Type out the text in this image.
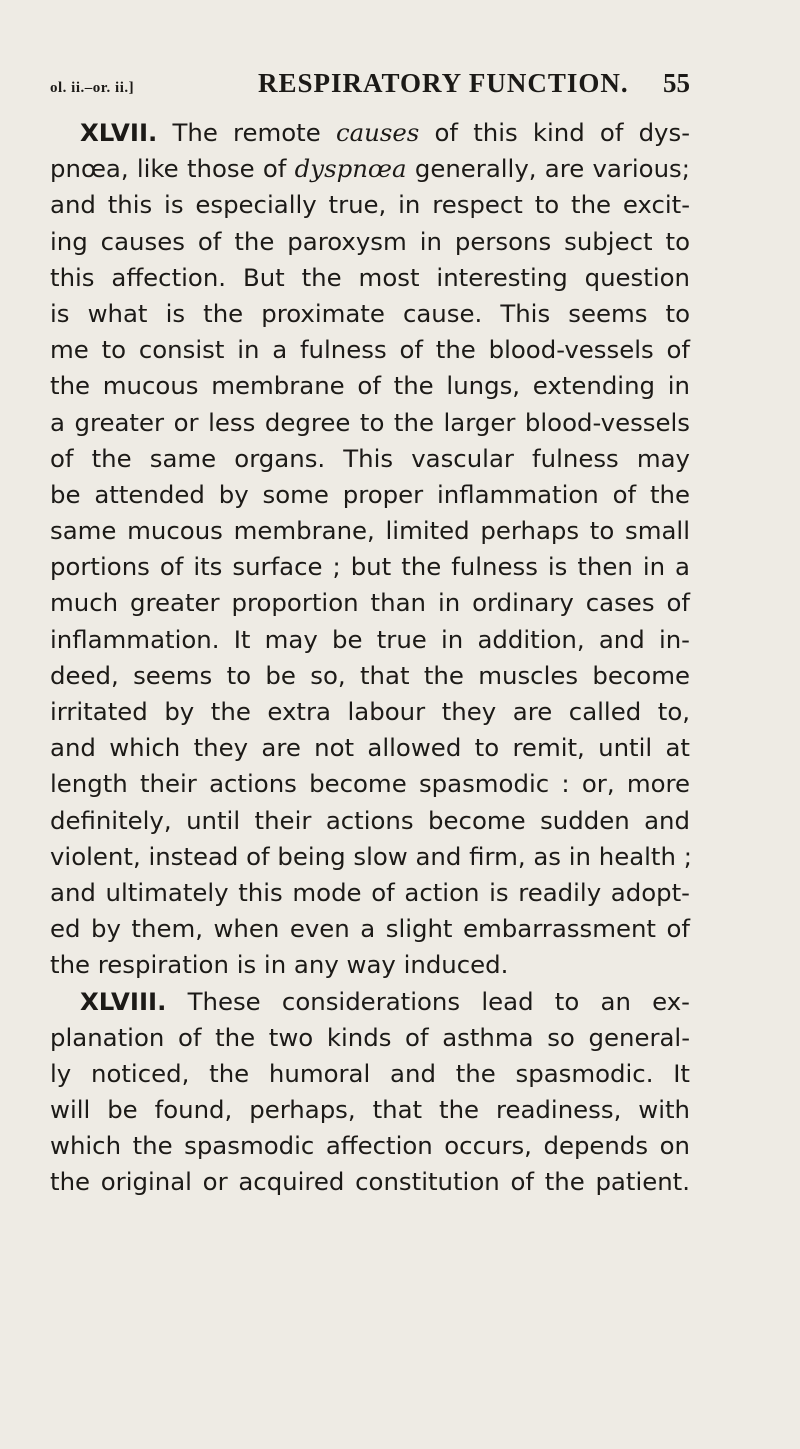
ol. ii.–or. ii.]	RESPIRATORY FUNCTION. 55
XLVII. The remote causes of this kind of dys-
pnœa, like those of dyspnœa generally, are various;
and this is especially true, in respect to the excit-
ing causes of the paroxysm in persons subject to
this affection. But the most interesting question
is what is the proximate cause. This seems to
me to consist in a fulness of the blood-vessels of
the mucous membrane of the lungs, extending in
a greater or less degree to the larger blood-vessels
of the same organs. This vascular fulness may
be attended by some proper inflammation of the
same mucous membrane, limited perhaps to small
portions of its surface ; but the fulness is then in a
much greater proportion than in ordinary cases of
inflammation. It may be true in addition, and in-
deed, seems to be so, that the muscles become
irritated by the extra labour they are called to,
and which they are not allowed to remit, until at
length their actions become spasmodic : or, more
definitely, until their actions become sudden and
violent, instead of being slow and firm, as in health ;
and ultimately this mode of action is readily adopt-
ed by them, when even a slight embarrassment of
the respiration is in any way induced.
XLVIII. These considerations lead to an ex-
planation of the two kinds of asthma so general-
ly noticed, the humoral and the spasmodic. It
will be found, perhaps, that the readiness, with
which the spasmodic affection occurs, depends on
the original or acquired constitution of the patient.
